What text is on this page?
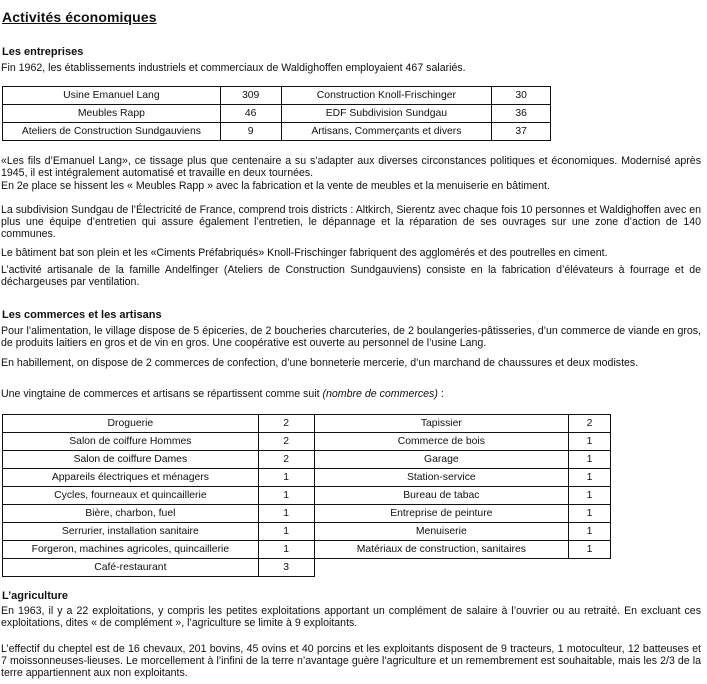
Activités économiques
Les entreprises

Fin 1962, les établissements industriels et commerciaux de Waldighoffen employaient 467 salariés.

Usine Emanuel Lang	309	Construction Knoll-Frischinger	30
Meubles Rapp	46	EDF Subdivision Sundgau	36
Ateliers de Construction Sundgauviens	9	Artisans, Commerçants et divers	37

«Les fils d’Emanuel Lang», ce tissage plus que centenaire a su s’adapter aux diverses circonstances politiques et économiques. Modernisé après 1945, il est intégralement automatisé et travaille en deux tournées.

En 2e place se hissent les « Meubles Rapp » avec la fabrication et la vente de meubles et la menuiserie en bâtiment.

La subdivision Sundgau de l’Électricité de France, comprend trois districts : Altkirch, Sierentz avec chaque fois 10 personnes et Waldighoffen avec en plus une équipe d’entretien qui assure également l’entretien, le dépannage et la réparation de ses ouvrages sur une zone d’action de 140 communes.

Le bâtiment bat son plein et les «Ciments Préfabriqués» Knoll-Frischinger fabriquent des agglomérés et des poutrelles en ciment.

L’activité artisanale de la famille Andelfinger (Ateliers de Construction Sundgauviens) consiste en la fabrication d’élévateurs à fourrage et de déchargeuses par ventilation.

Les commerces et les artisans

Pour l’alimentation, le village dispose de 5 épiceries, de 2 boucheries charcuteries, de 2 boulangeries-pâtisseries, d’un commerce de viande en gros, de produits laitiers en gros et de vin en gros. Une coopérative est ouverte au personnel de l’usine Lang.

En habillement, on dispose de 2 commerces de confection, d’une bonneterie mercerie, d’un marchand de chaussures et deux modistes.

Une vingtaine de commerces et artisans se répartissent comme suit (nombre de commerces) :

Droguerie	2	Tapissier	2
Salon de coiffure Hommes	2	Commerce de bois	1
Salon de coiffure Dames	2	Garage	1
Appareils électriques et ménagers	1	Station-service	1
Cycles, fourneaux et quincaillerie	1	Bureau de tabac	1
Bière, charbon, fuel	1	Entreprise de peinture	1
Serrurier, installation sanitaire	1	Menuiserie	1
Forgeron, machines agricoles, quincaillerie	1	Matériaux de construction, sanitaires	1
Café-restaurant	3		
L’agriculture

En 1963, il y a 22 exploitations, y compris les petites exploitations apportant un complément de salaire à l’ouvrier ou au retraité. En excluant ces exploitations, dites « de complément », l’agriculture se limite à 9 exploitants.

L’effectif du cheptel est de 16 chevaux, 201 bovins, 45 ovins et 40 porcins et les exploitants disposent de 9 tracteurs, 1 motoculteur, 12 batteuses et 7 moissonneuses-lieuses. Le morcellement à l’infini de la terre n’avantage guère l’agriculture et un remembrement est souhaitable, mais les 2/3 de la terre appartiennent aux non exploitants.
